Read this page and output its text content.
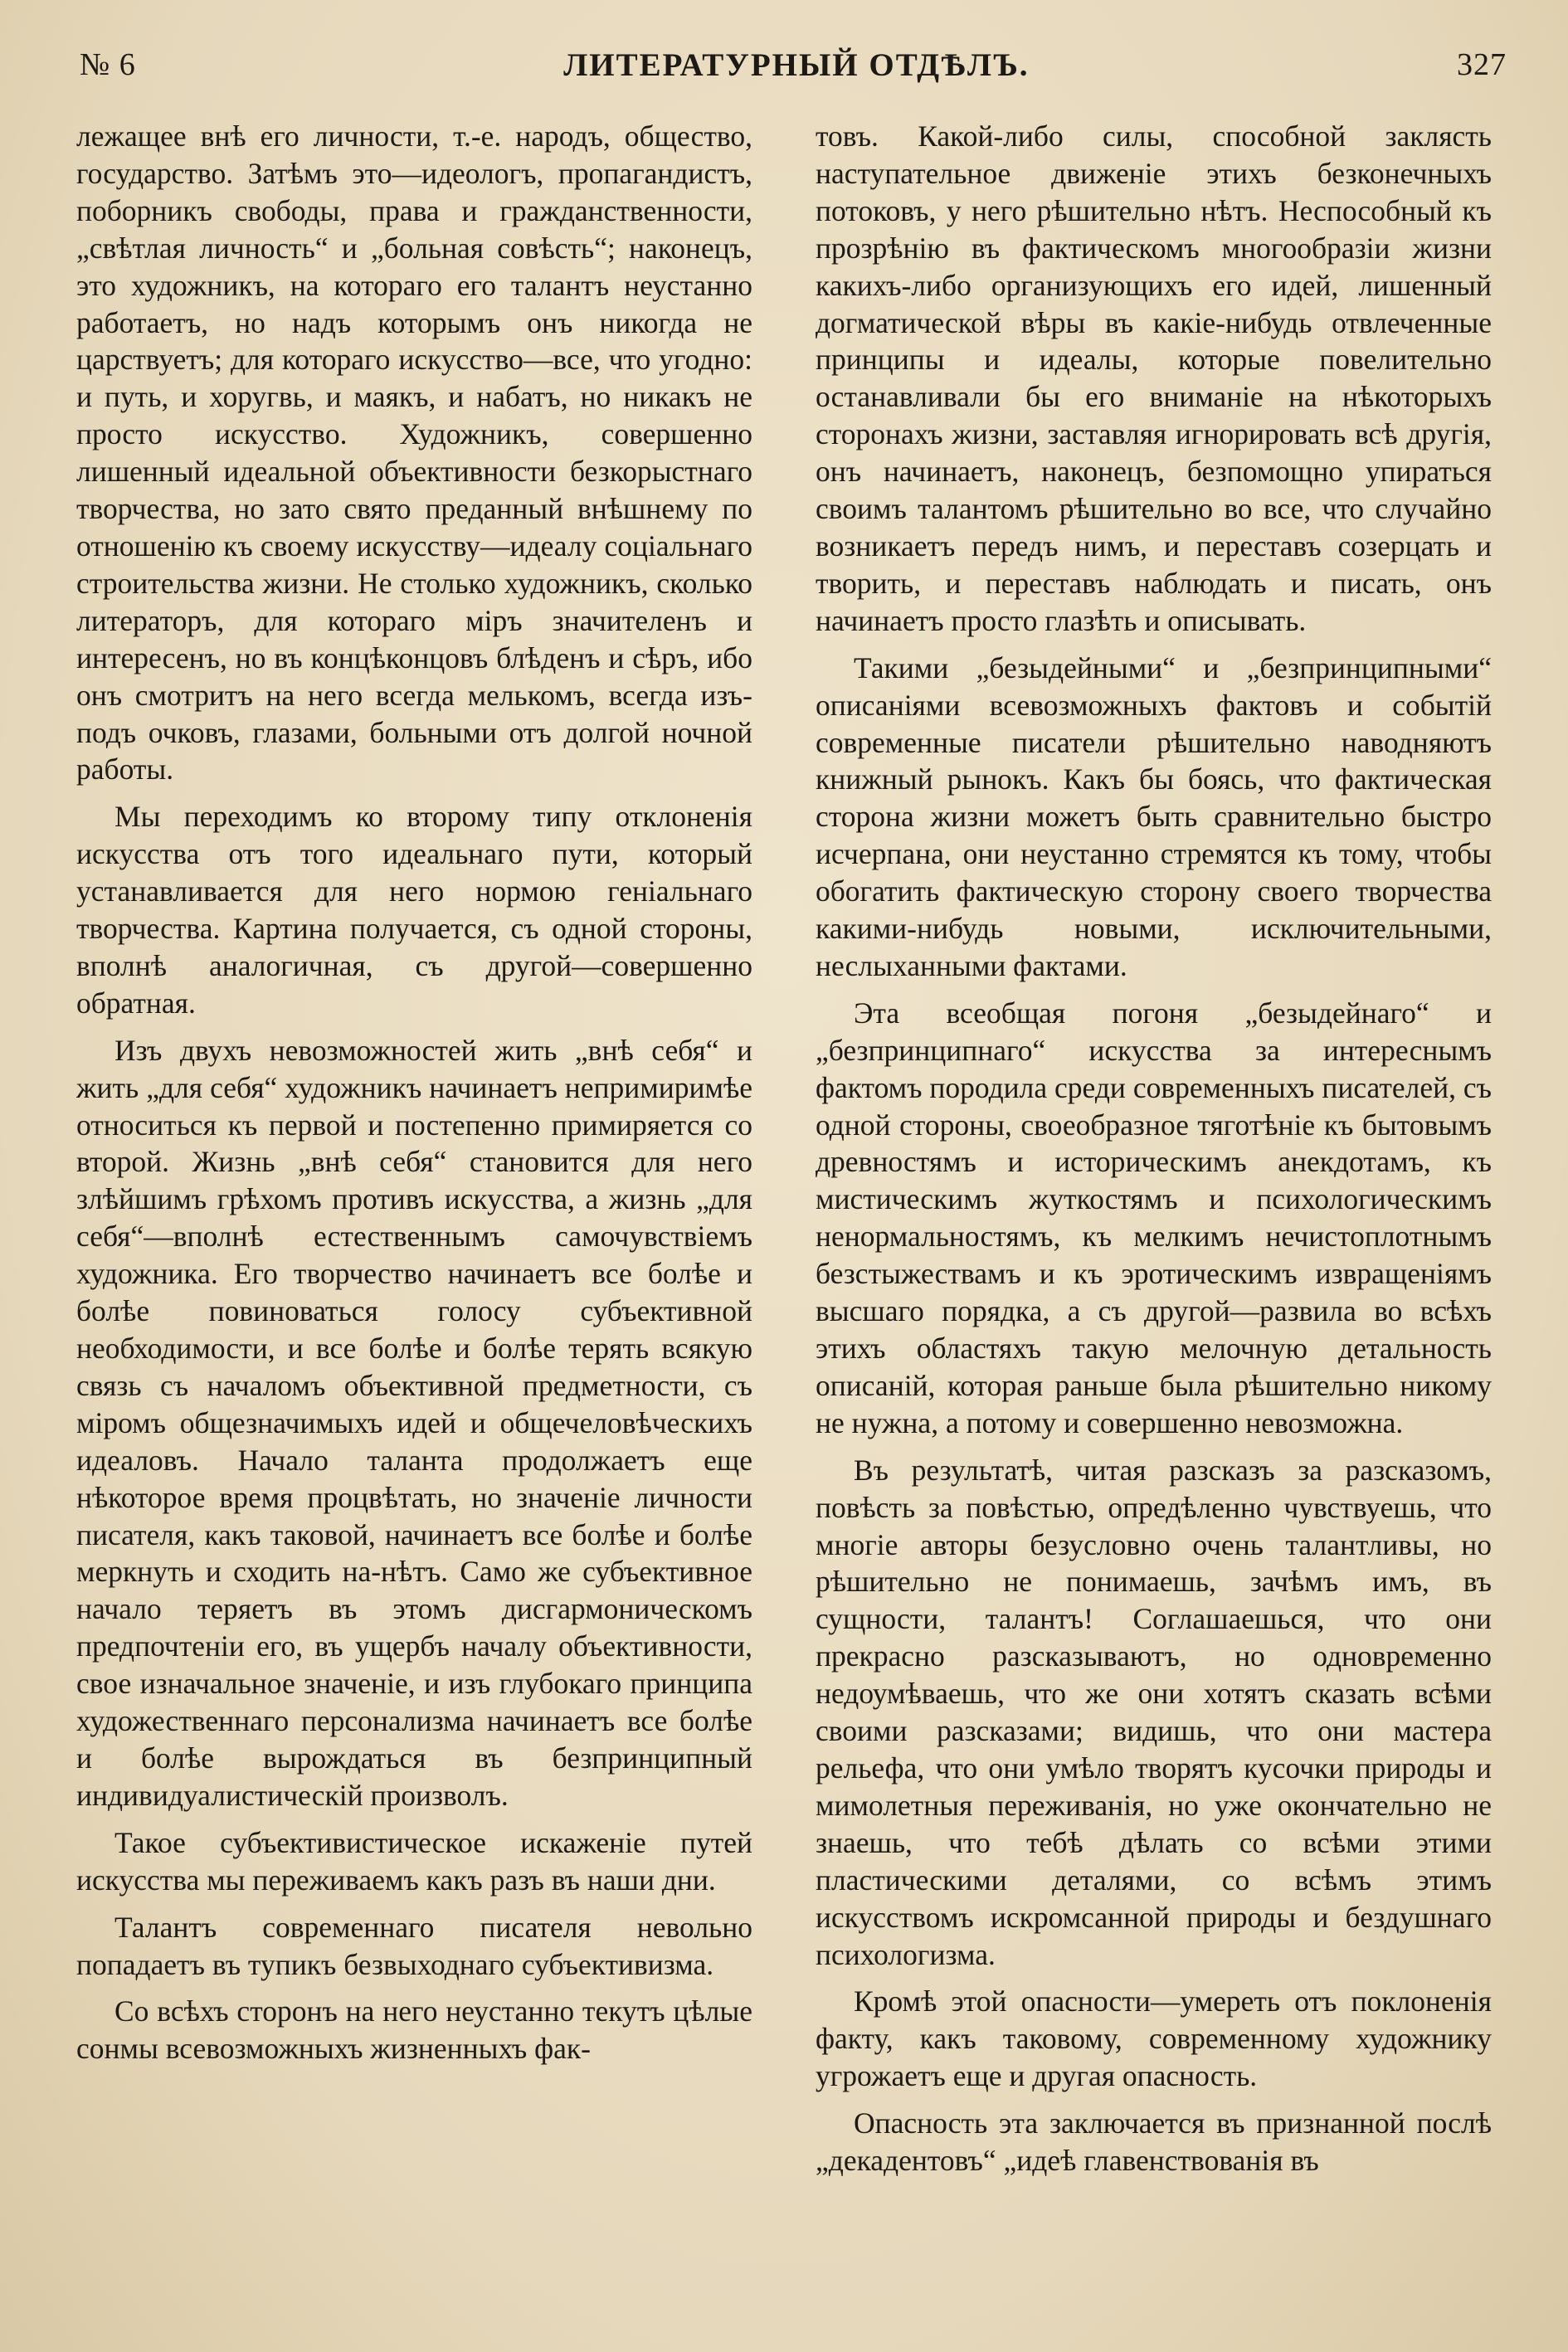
№ 6	ЛИТЕРАТУРНЫЙ ОТДѢЛЪ.	327

лежащее внѣ его личности, т.-е. народъ, общество, государство. Затѣмъ это—идеологъ, пропагандистъ, поборникъ свободы, права и гражданственности, „свѣтлая личность“ и „больная совѣсть“; наконецъ, это художникъ, на котораго его талантъ неустанно работаетъ, но надъ которымъ онъ никогда не царствуетъ; для котораго искусство—все, что угодно: и путь, и хоругвь, и маякъ, и набатъ, но никакъ не просто искусство. Художникъ, совершенно лишенный идеальной объективности безкорыстнаго творчества, но зато свято преданный внѣшнему по отношенію къ своему искусству—идеалу соціальнаго строительства жизни. Не столько художникъ, сколько литераторъ, для котораго міръ значителенъ и интересенъ, но въ концѣконцовъ блѣденъ и сѣръ, ибо онъ смотритъ на него всегда мелькомъ, всегда изъ-подъ очковъ, глазами, больными отъ долгой ночной работы.

Мы переходимъ ко второму типу отклоненія искусства отъ того идеальнаго пути, который устанавливается для него нормою геніальнаго творчества. Картина получается, съ одной стороны, вполнѣ аналогичная, съ другой—совершенно обратная.

Изъ двухъ невозможностей жить „внѣ себя“ и жить „для себя“ художникъ начинаетъ непримиримѣе относиться къ первой и постепенно примиряется со второй. Жизнь „внѣ себя“ становится для него злѣйшимъ грѣхомъ противъ искусства, а жизнь „для себя“—вполнѣ естественнымъ самочувствіемъ художника. Его творчество начинаетъ все болѣе и болѣе повиноваться голосу субъективной необходимости, и все болѣе и болѣе терять всякую связь съ началомъ объективной предметности, съ міромъ общезначимыхъ идей и общечеловѣческихъ идеаловъ. Начало таланта продолжаетъ еще нѣкоторое время процвѣтать, но значеніе личности писателя, какъ таковой, начинаетъ все болѣе и болѣе меркнуть и сходить на-нѣтъ. Само же субъективное начало теряетъ въ этомъ дисгармоническомъ предпочтеніи его, въ ущербъ началу объективности, свое изначальное значеніе, и изъ глубокаго принципа художественнаго персонализма начинаетъ все болѣе и болѣе вырождаться въ безпринципный индивидуалистическій произволъ.

Такое субъективистическое искаженіе путей искусства мы переживаемъ какъ разъ въ наши дни.

Талантъ современнаго писателя невольно попадаетъ въ тупикъ безвыходнаго субъективизма.

Со всѣхъ сторонъ на него неустанно текутъ цѣлые сонмы всевозможныхъ жизненныхъ фак-

товъ. Какой-либо силы, способной заклясть наступательное движеніе этихъ безконечныхъ потоковъ, у него рѣшительно нѣтъ. Неспособный къ прозрѣнію въ фактическомъ многообразіи жизни какихъ-либо организующихъ его идей, лишенный догматической вѣры въ какіе-нибудь отвлеченные принципы и идеалы, которые повелительно останавливали бы его вниманіе на нѣкоторыхъ сторонахъ жизни, заставляя игнорировать всѣ другія, онъ начинаетъ, наконецъ, безпомощно упираться своимъ талантомъ рѣшительно во все, что случайно возникаетъ передъ нимъ, и переставъ созерцать и творить, и переставъ наблюдать и писать, онъ начинаетъ просто глазѣть и описывать.

Такими „безыдейными“ и „безпринципными“ описаніями всевозможныхъ фактовъ и событій современные писатели рѣшительно наводняютъ книжный рынокъ. Какъ бы боясь, что фактическая сторона жизни можетъ быть сравнительно быстро исчерпана, они неустанно стремятся къ тому, чтобы обогатить фактическую сторону своего творчества какими-нибудь новыми, исключительными, неслыханными фактами.

Эта всеобщая погоня „безыдейнаго“ и „безпринципнаго“ искусства за интереснымъ фактомъ породила среди современныхъ писателей, съ одной стороны, своеобразное тяготѣніе къ бытовымъ древностямъ и историческимъ анекдотамъ, къ мистическимъ жуткостямъ и психологическимъ ненормальностямъ, къ мелкимъ нечистоплотнымъ безстыжествамъ и къ эротическимъ извращеніямъ высшаго порядка, а съ другой—развила во всѣхъ этихъ областяхъ такую мелочную детальность описаній, которая раньше была рѣшительно никому не нужна, а потому и совершенно невозможна.

Въ результатѣ, читая разсказъ за разсказомъ, повѣсть за повѣстью, опредѣленно чувствуешь, что многіе авторы безусловно очень талантливы, но рѣшительно не понимаешь, зачѣмъ имъ, въ сущности, талантъ! Соглашаешься, что они прекрасно разсказываютъ, но одновременно недоумѣваешь, что же они хотятъ сказать всѣми своими разсказами; видишь, что они мастера рельефа, что они умѣло творятъ кусочки природы и мимолетныя переживанія, но уже окончательно не знаешь, что тебѣ дѣлать со всѣми этими пластическими деталями, со всѣмъ этимъ искусствомъ искромсанной природы и бездушнаго психологизма.

Кромѣ этой опасности—умереть отъ поклоненія факту, какъ таковому, современному художнику угрожаетъ еще и другая опасность.

Опасность эта заключается въ признанной послѣ „декадентовъ“ „идеѣ главенствованія въ
